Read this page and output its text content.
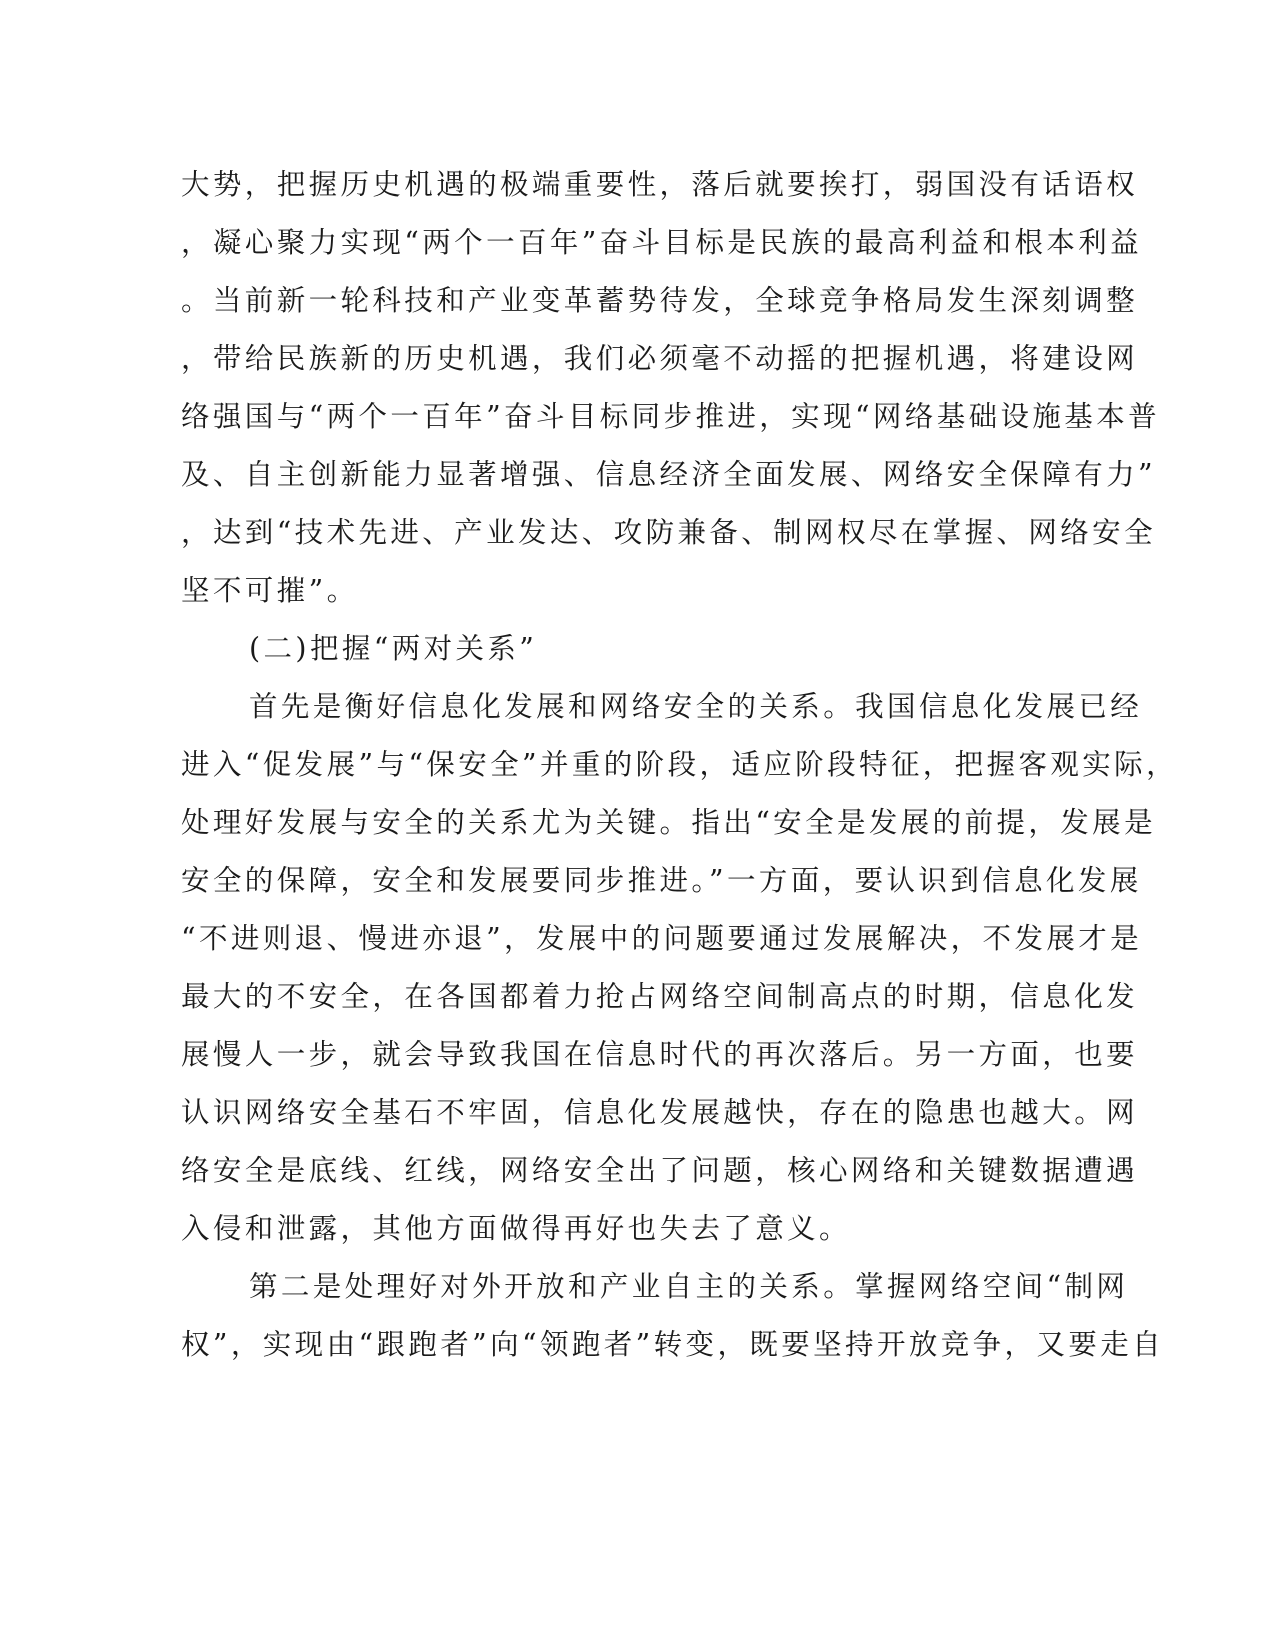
大势，把握历史机遇的极端重要性，落后就要挨打，弱国没有话语权
，凝心聚力实现“两个一百年”奋斗目标是民族的最高利益和根本利益
。当前新一轮科技和产业变革蓄势待发，全球竞争格局发生深刻调整
，带给民族新的历史机遇，我们必须毫不动摇的把握机遇，将建设网
络强国与“两个一百年”奋斗目标同步推进，实现“网络基础设施基本普
及、自主创新能力显著增强、信息经济全面发展、网络安全保障有力”
，达到“技术先进、产业发达、攻防兼备、制网权尽在掌握、网络安全
坚不可摧”。
(二)把握“两对关系”
首先是衡好信息化发展和网络安全的关系。我国信息化发展已经
进入“促发展”与“保安全”并重的阶段，适应阶段特征，把握客观实际，
处理好发展与安全的关系尤为关键。指出“安全是发展的前提，发展是
安全的保障，安全和发展要同步推进。”一方面，要认识到信息化发展
“不进则退、慢进亦退”，发展中的问题要通过发展解决，不发展才是
最大的不安全，在各国都着力抢占网络空间制高点的时期，信息化发
展慢人一步，就会导致我国在信息时代的再次落后。另一方面，也要
认识网络安全基石不牢固，信息化发展越快，存在的隐患也越大。网
络安全是底线、红线，网络安全出了问题，核心网络和关键数据遭遇
入侵和泄露，其他方面做得再好也失去了意义。
第二是处理好对外开放和产业自主的关系。掌握网络空间“制网
权”，实现由“跟跑者”向“领跑者”转变，既要坚持开放竞争，又要走自
